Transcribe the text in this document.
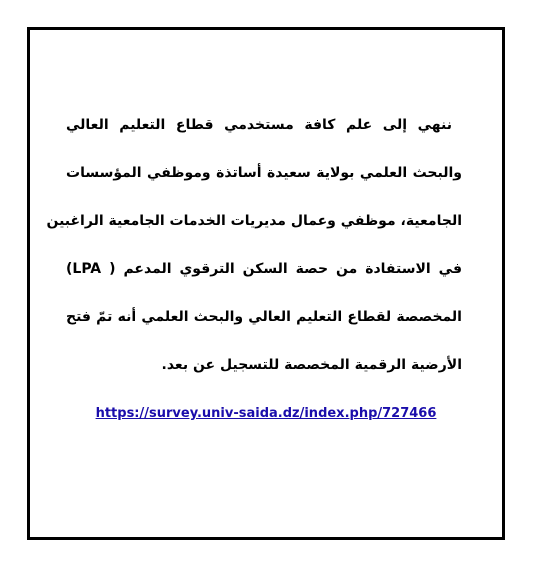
ننهي إلى علم كافة مستخدمي قطاع التعليم العالي
والبحث العلمي بولاية سعيدة أساتذة وموظفي المؤسسات
الجامعية، موظفي وعمال مديريات الخدمات الجامعية الراغبين
في الاستفادة من حصة السكن الترقوي المدعم ( LPA)
المخصصة لقطاع التعليم العالي والبحث العلمي أنه تمّ فتح
الأرضية الرقمية المخصصة للتسجيل عن بعد.
https://survey.univ-saida.dz/index.php/727466
